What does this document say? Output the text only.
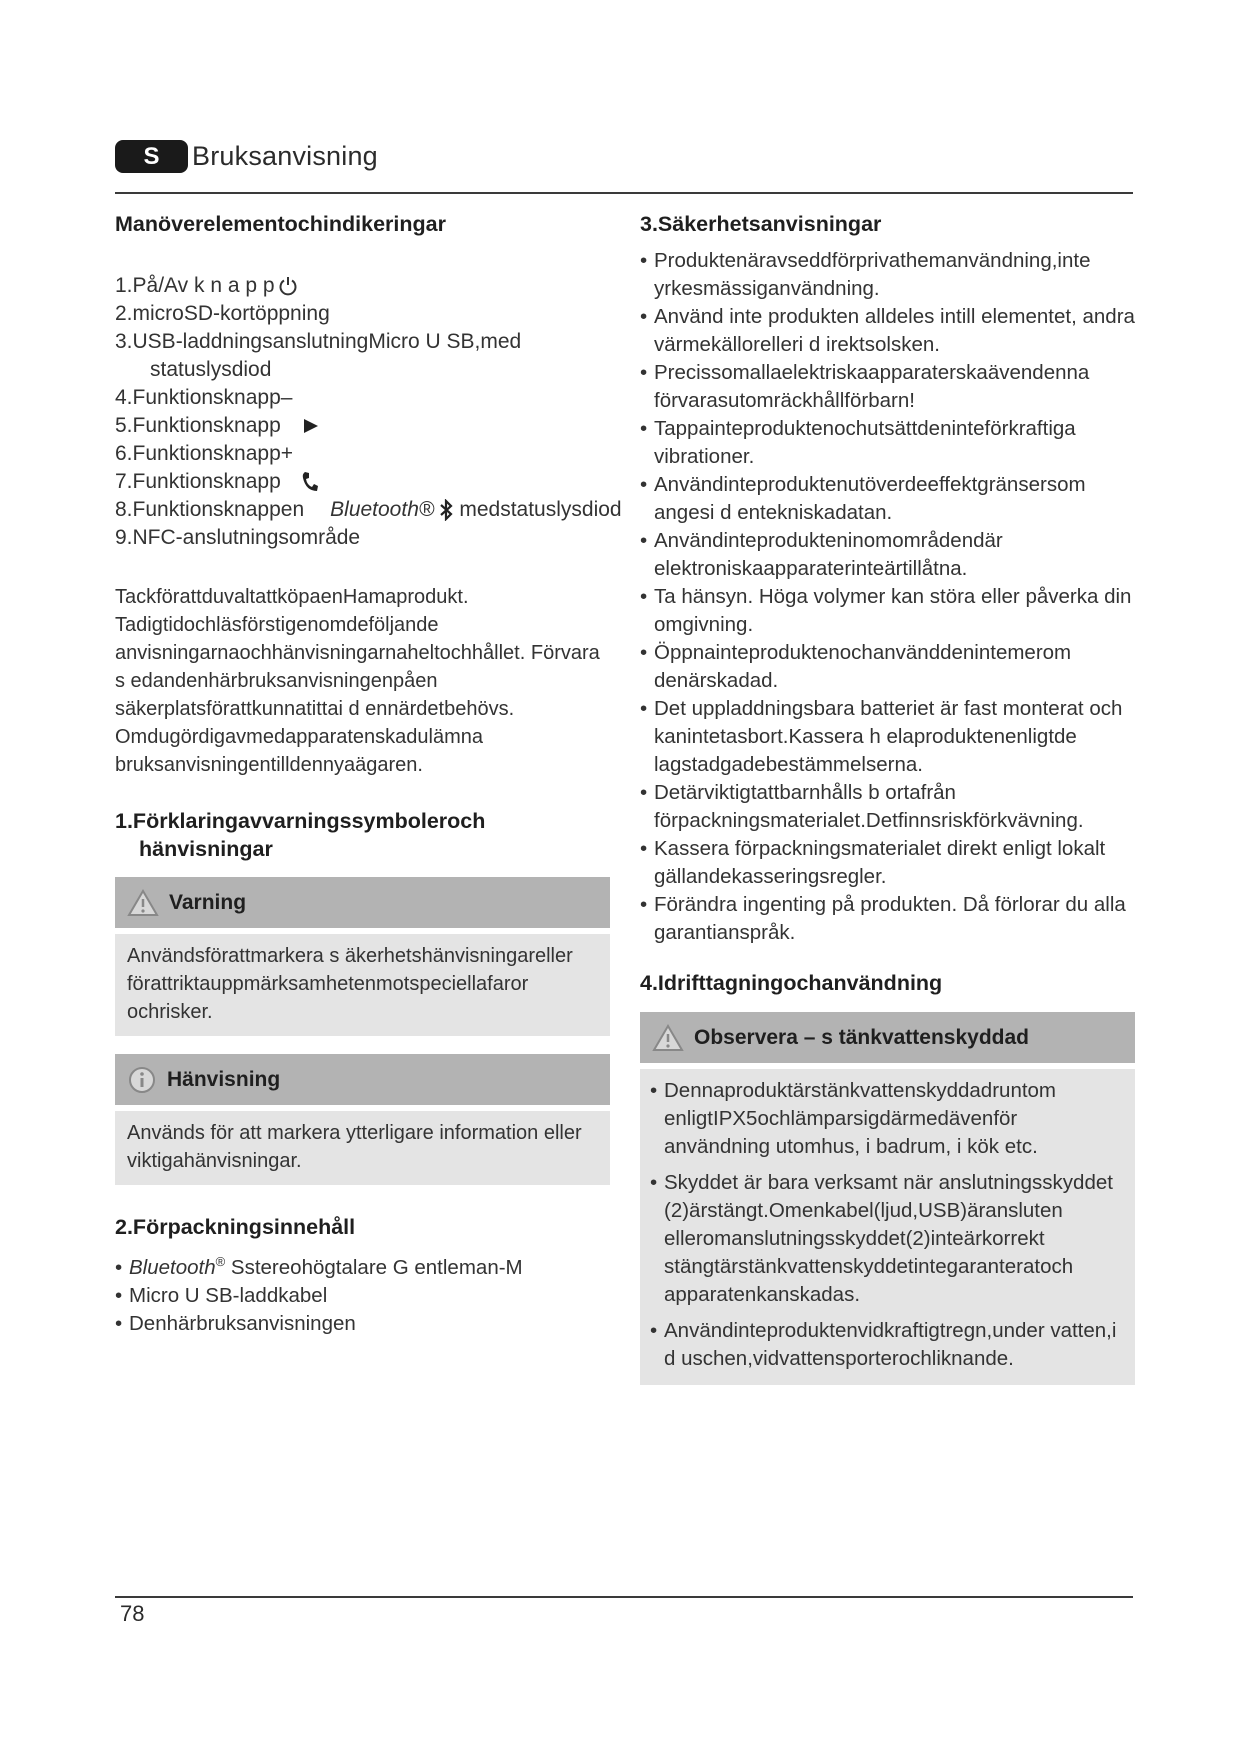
S	Bruksanvisning
Manöverelementochindikeringar
1.På/Av k n a p p
2.microSD-kortöppning
3.USB-laddningsanslutningMicro U SB,med statuslysdiod
4.Funktionsknapp–
5.Funktionsknapp
6.Funktionsknapp+
7.Funktionsknapp
8.Funktionsknappen Bluetooth® medstatuslysdiod
9.NFC-anslutningsområde

TackförattduvaltattköpaenHamaprodukt. Tadigtidochläsförstigenomdeföljande anvisningarnaochhänvisningarnaheltochhållet. Förvara s edandenhärbruksanvisningenpåen säkerplatsförattkunnatittai d ennärdetbehövs. Omdugördigavmedapparatenskadulämna bruksanvisningentilldennyaägaren.

1.Förklaringavvarningssymboleroch hänvisningar
Varning
Användsförattmarkera s äkerhetshänvisningareller förattriktauppmärksamhetenmotspeciellafaror ochrisker.
Hänvisning
Används för att markera ytterligare information eller viktigahänvisningar.
2.Förpackningsinnehåll
• Bluetooth® Sstereohögtalare G entleman-M
• Micro U SB-laddkabel
• Denhärbruksanvisningen
3.Säkerhetsanvisningar
• Produktenäravseddförprivathemanvändning,inte yrkesmässiganvändning.
• Använd inte produkten alldeles intill elementet, andra värmekällorelleri d irektsolsken.
• Precissomallaelektriskaapparaterskaävendenna förvarasutomräckhållförbarn!
• Tappainteproduktenochutsättdeninteförkraftiga vibrationer.
• Användinteproduktenutöverdeeffektgränsersom angesi d entekniskadatan.
• Användinteprodukteninomområdendär elektroniskaapparaterinteärtillåtna.
• Ta hänsyn. Höga volymer kan störa eller påverka din omgivning.
• Öppnainteproduktenochanvänddenintemerom denärskadad.
• Det uppladdningsbara batteriet är fast monterat och kanintetasbort.Kassera h elaproduktenenligtde lagstadgadebestämmelserna.
• Detärviktigtattbarnhålls b ortafrån förpackningsmaterialet.Detfinnsriskförkvävning.
• Kassera förpackningsmaterialet direkt enligt lokalt gällandekasseringsregler.
• Förändra ingenting på produkten. Då förlorar du alla garantianspråk.
4.Idrifttagningochanvändning
Observera – s tänkvattenskyddad
• Dennaproduktärstänkvattenskyddadruntom enligtIPX5ochlämparsigdärmedävenför användning utomhus, i badrum, i kök etc.
• Skyddet är bara verksamt när anslutningsskyddet (2)ärstängt.Omenkabel(ljud,USB)äransluten elleromanslutningsskyddet(2)inteärkorrekt stängtärstänkvattenskyddetintegaranteratoch apparatenkanskadas.
• Användinteproduktenvidkraftigtregn,under vatten,i d uschen,vidvattensporterochliknande.
78
